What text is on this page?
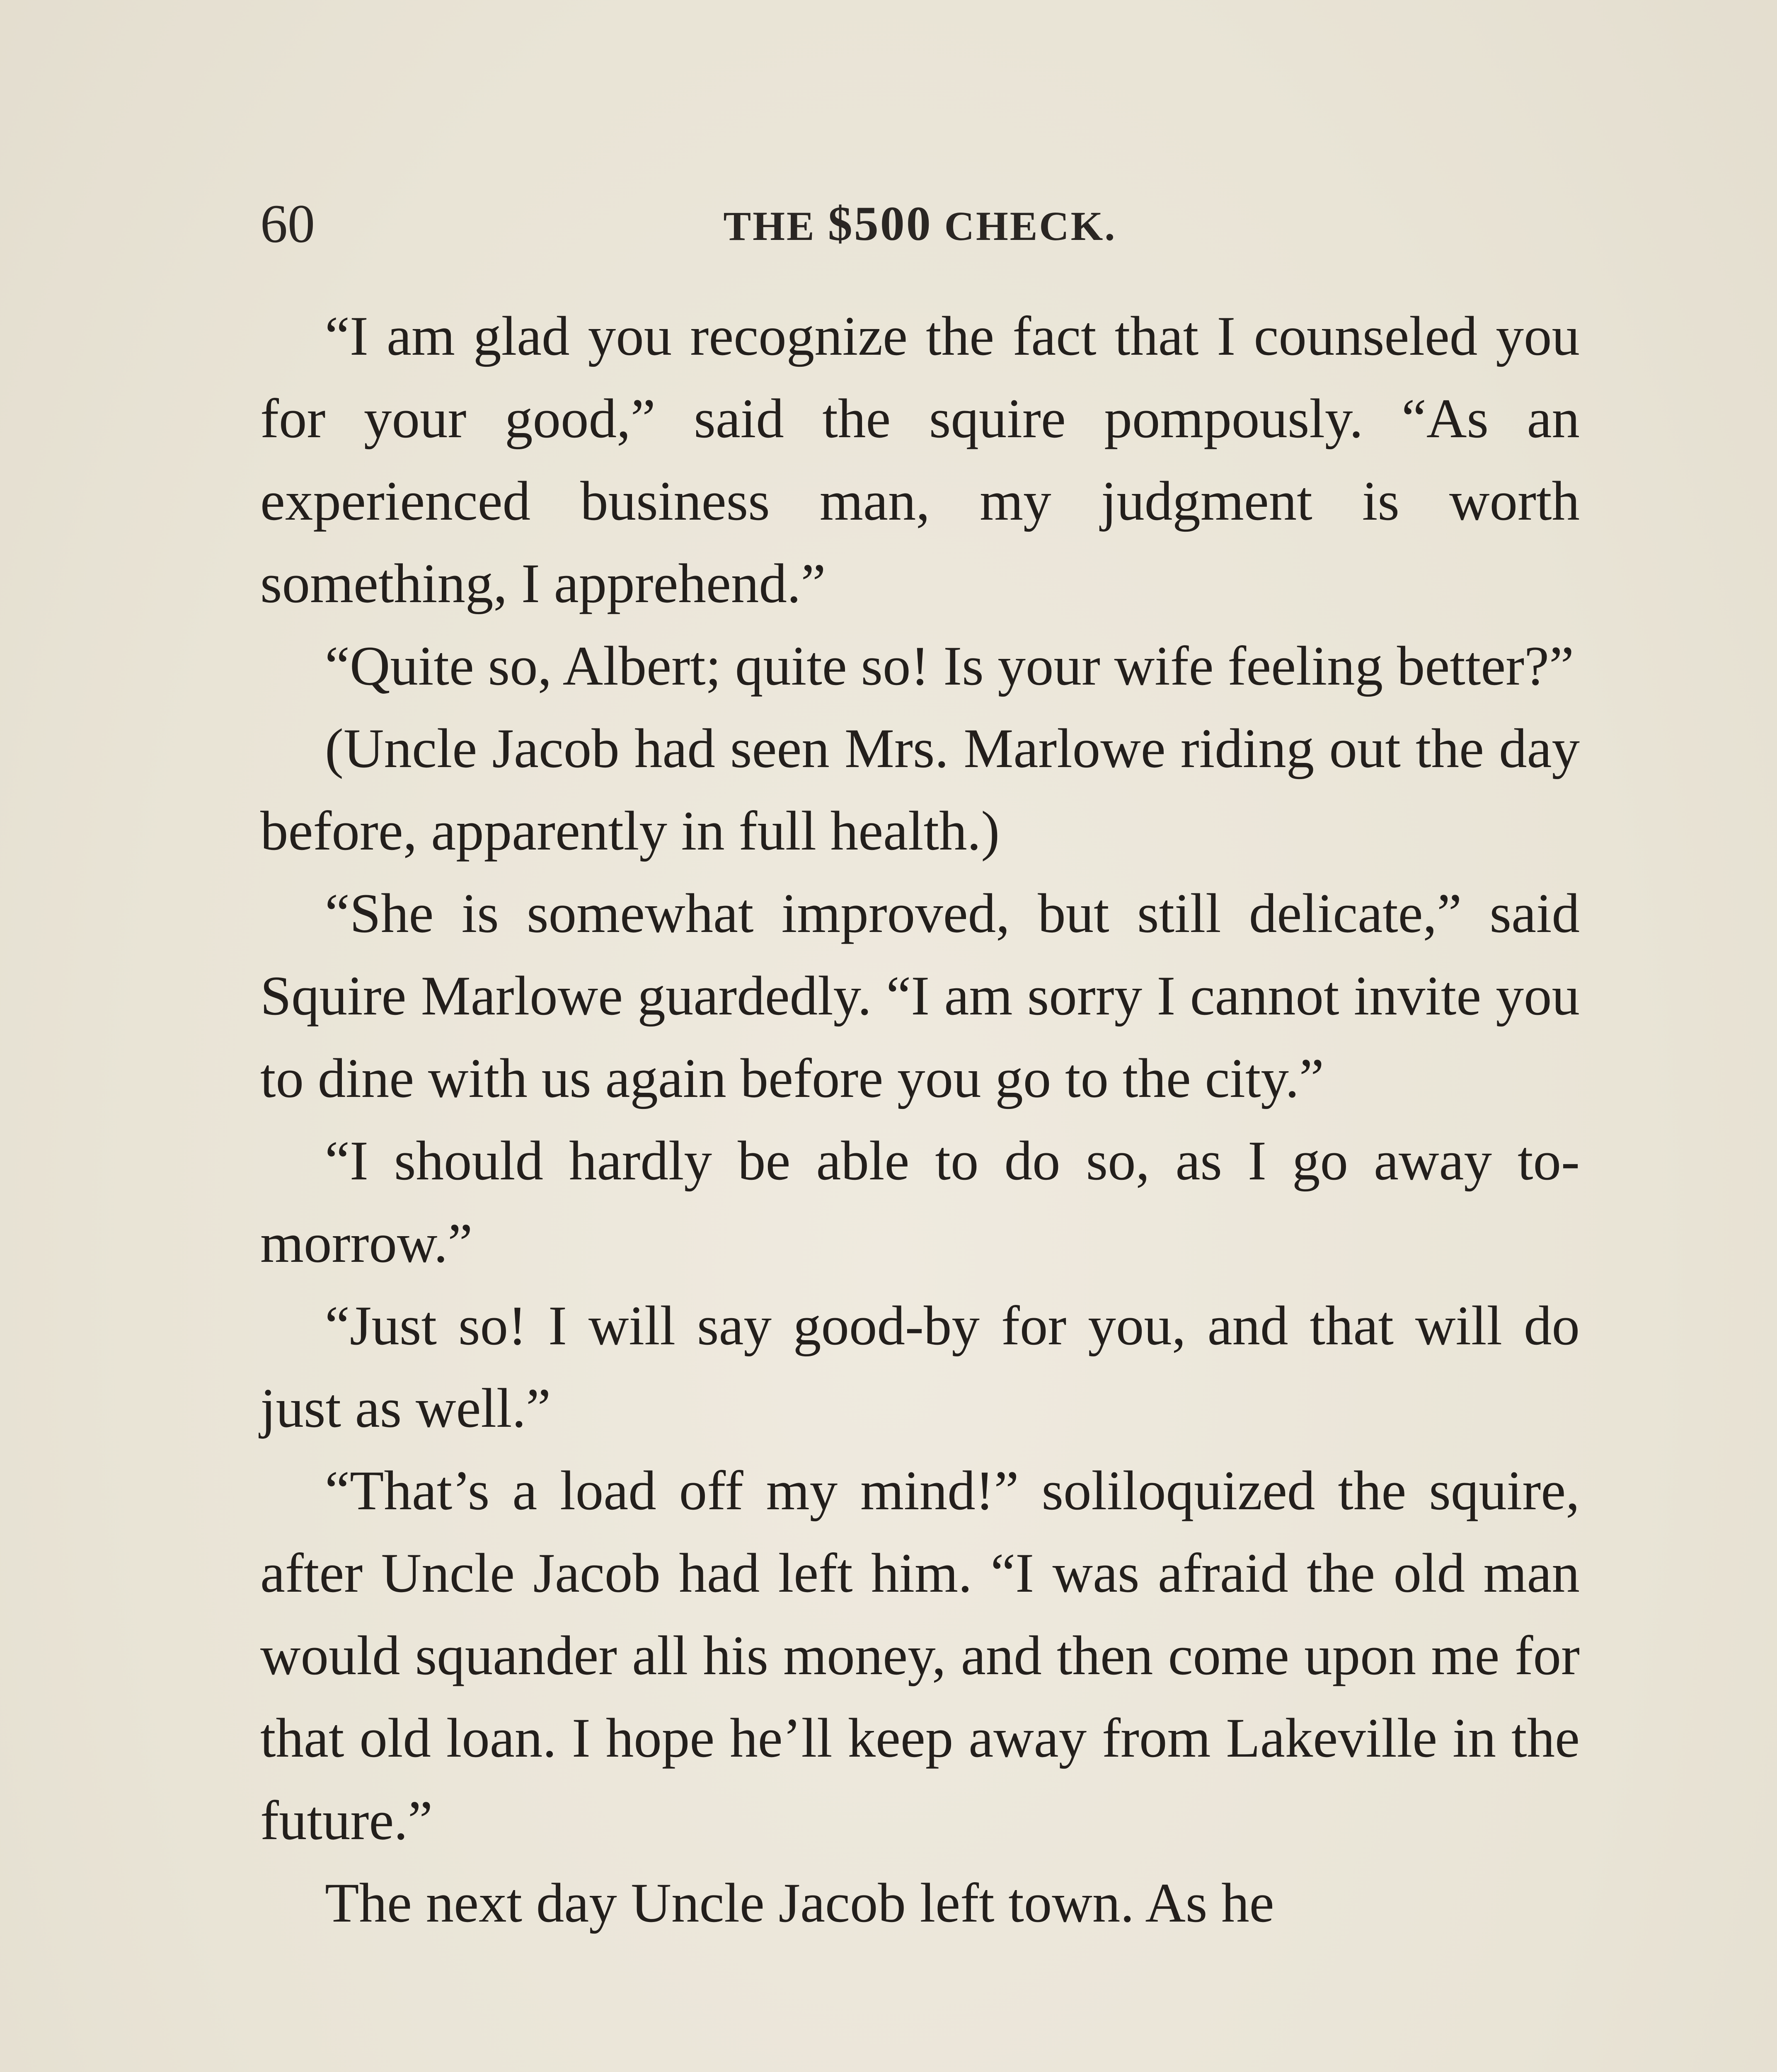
60	THE $500 CHECK.

“I am glad you recognize the fact that I counseled you for your good,” said the squire pompously. “As an experienced business man, my judgment is worth something, I apprehend.”

“Quite so, Albert; quite so! Is your wife feeling better?”

(Uncle Jacob had seen Mrs. Marlowe riding out the day before, apparently in full health.)

“She is somewhat improved, but still delicate,” said Squire Marlowe guardedly. “I am sorry I cannot invite you to dine with us again before you go to the city.”

“I should hardly be able to do so, as I go away to-morrow.”

“Just so! I will say good-by for you, and that will do just as well.”

“That’s a load off my mind!” soliloquized the squire, after Uncle Jacob had left him. “I was afraid the old man would squander all his money, and then come upon me for that old loan. I hope he’ll keep away from Lakeville in the future.”

The next day Uncle Jacob left town. As he
